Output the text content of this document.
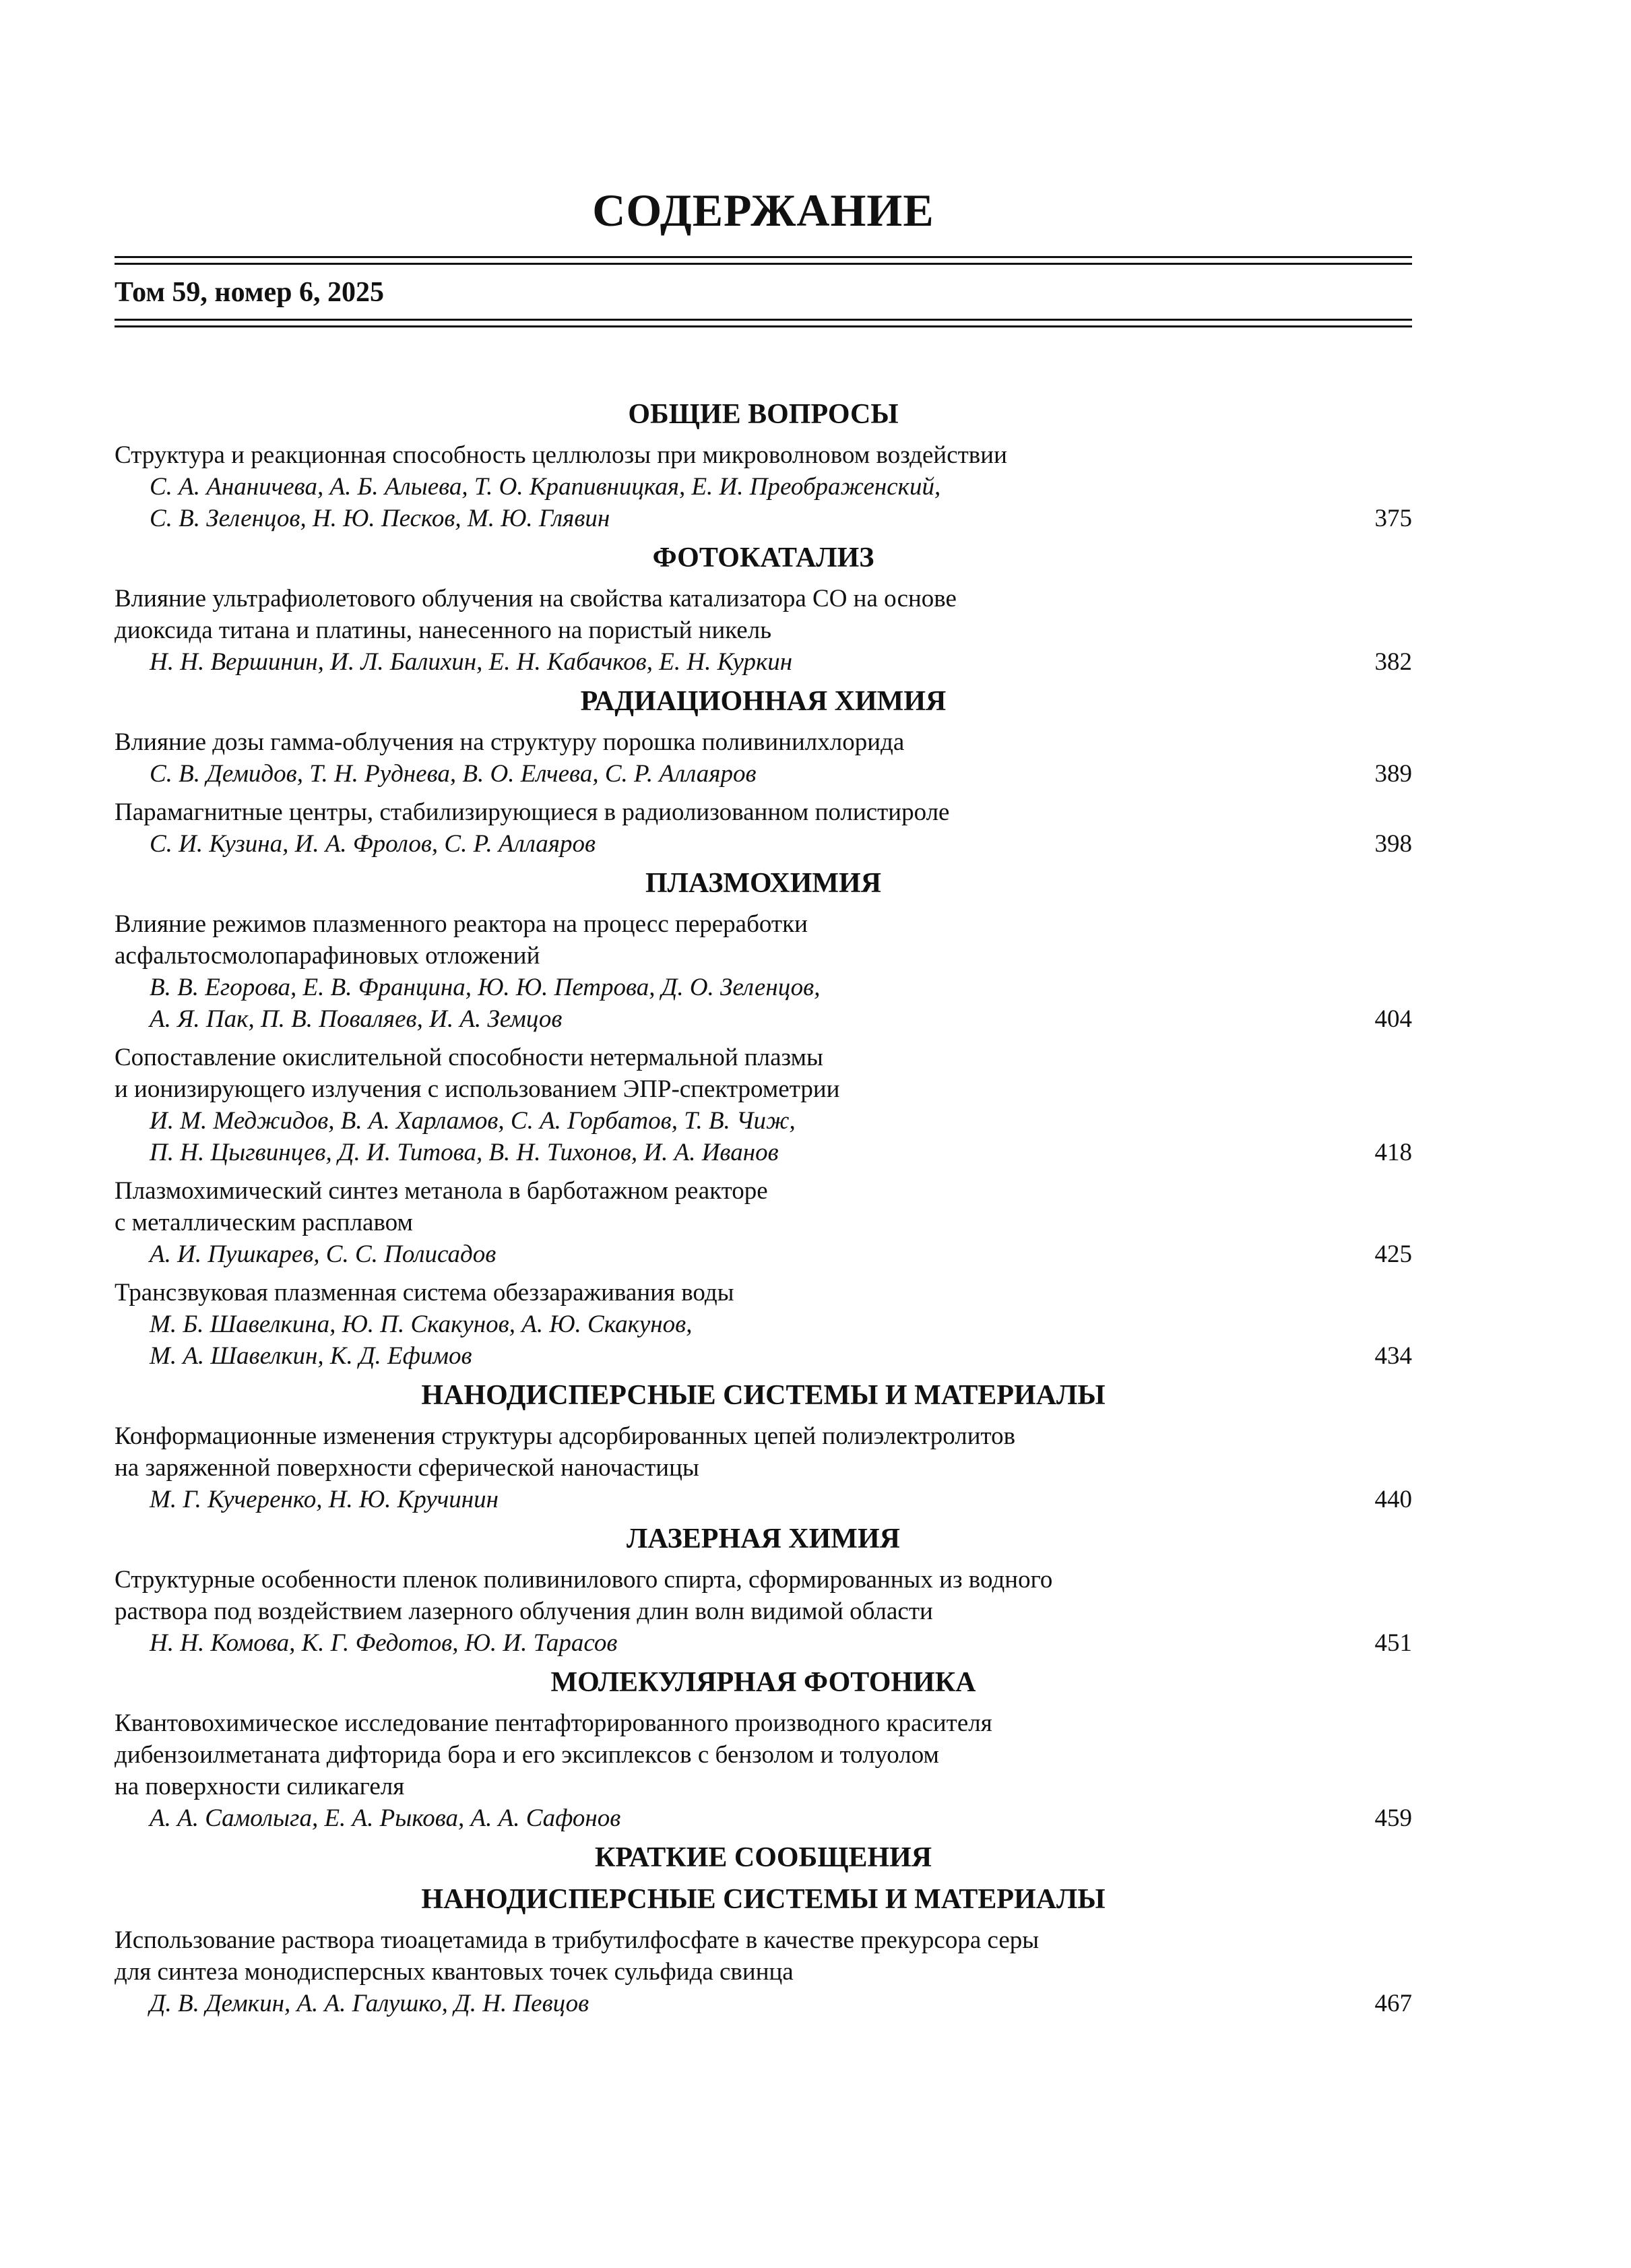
СОДЕРЖАНИЕ
Том 59, номер 6, 2025
ОБЩИЕ ВОПРОСЫ
Структура и реакционная способность целлюлозы при микроволновом воздействии
С. А. Ананичева, А. Б. Алыева, Т. О. Крапивницкая, Е. И. Преображенский,
С. В. Зеленцов, Н. Ю. Песков, М. Ю. Глявин	375
ФОТОКАТАЛИЗ
Влияние ультрафиолетового облучения на свойства катализатора СО на основе
диоксида титана и платины, нанесенного на пористый никель
Н. Н. Вершинин, И. Л. Балихин, Е. Н. Кабачков, Е. Н. Куркин	382
РАДИАЦИОННАЯ ХИМИЯ
Влияние дозы гамма-облучения на структуру порошка поливинилхлорида
С. В. Демидов, Т. Н. Руднева, В. О. Елчева, С. Р. Аллаяров	389
Парамагнитные центры, стабилизирующиеся в радиолизованном полистироле
С. И. Кузина, И. А. Фролов, С. Р. Аллаяров	398
ПЛАЗМОХИМИЯ
Влияние режимов плазменного реактора на процесс переработки
асфальтосмолопарафиновых отложений
В. В. Егорова, Е. В. Францина, Ю. Ю. Петрова, Д. О. Зеленцов,
А. Я. Пак, П. В. Поваляев, И. А. Земцов	404
Сопоставление окислительной способности нетермальной плазмы
и ионизирующего излучения с использованием ЭПР-спектрометрии
И. М. Меджидов, В. А. Харламов, С. А. Горбатов, Т. В. Чиж,
П. Н. Цыгвинцев, Д. И. Титова, В. Н. Тихонов, И. А. Иванов	418
Плазмохимический синтез метанола в барботажном реакторе
с металлическим расплавом
А. И. Пушкарев, С. С. Полисадов	425
Трансзвуковая плазменная система обеззараживания воды
М. Б. Шавелкина, Ю. П. Скакунов, А. Ю. Скакунов,
М. А. Шавелкин, К. Д. Ефимов	434
НАНОДИСПЕРСНЫЕ СИСТЕМЫ И МАТЕРИАЛЫ
Конформационные изменения структуры адсорбированных цепей полиэлектролитов
на заряженной поверхности сферической наночастицы
М. Г. Кучеренко, Н. Ю. Кручинин	440
ЛАЗЕРНАЯ ХИМИЯ
Структурные особенности пленок поливинилового спирта, сформированных из водного
раствора под воздействием лазерного облучения длин волн видимой области
Н. Н. Комова, К. Г. Федотов, Ю. И. Тарасов	451
МОЛЕКУЛЯРНАЯ ФОТОНИКА
Квантовохимическое исследование пентафторированного производного красителя
дибензоилметаната дифторида бора и его эксиплексов с бензолом и толуолом
на поверхности силикагеля
А. А. Самолыга, Е. А. Рыкова, А. А. Сафонов	459
КРАТКИЕ СООБЩЕНИЯ
НАНОДИСПЕРСНЫЕ СИСТЕМЫ И МАТЕРИАЛЫ
Использование раствора тиоацетамида в трибутилфосфате в качестве прекурсора серы
для синтеза монодисперсных квантовых точек сульфида свинца
Д. В. Демкин, А. А. Галушко, Д. Н. Певцов	467
